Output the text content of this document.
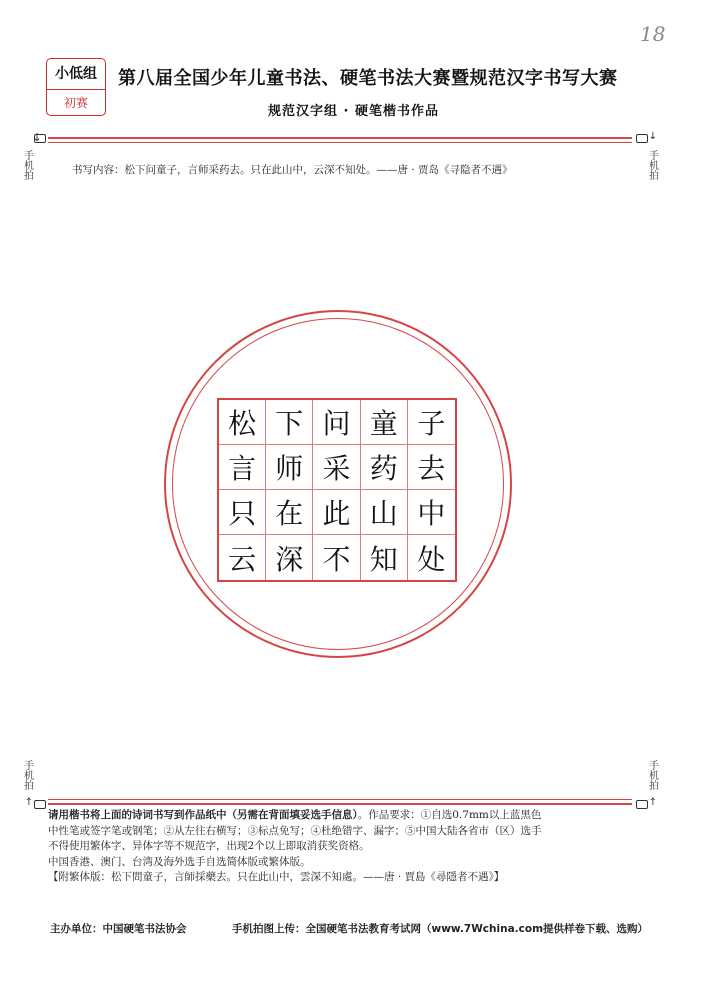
18
小低组
初赛
第八届全国少年儿童书法、硬笔书法大赛暨规范汉字书写大赛
规范汉字组 · 硬笔楷书作品
↓
手机拍
↓
手机拍
书写内容：松下问童子，言师采药去。只在此山中，云深不知处。——唐 · 贾岛《寻隐者不遇》
松 下 问 童 子
言 师 采 药 去
只 在 此 山 中
云 深 不 知 处
手机拍
↑
手机拍
↑
请用楷书将上面的诗词书写到作品纸中（另需在背面填妥选手信息）。作品要求：①自选0.7mm以上蓝黑色
中性笔或签字笔或钢笔；②从左往右横写；③标点免写；④杜绝错字、漏字；⑤中国大陆各省市（区）选手
不得使用繁体字、异体字等不规范字，出现2个以上即取消获奖资格。
中国香港、澳门、台湾及海外选手自选简体版或繁体版。
【附繁体版：松下問童子，言師採藥去。只在此山中，雲深不知處。——唐 · 賈島《尋隱者不遇》】
主办单位：中国硬笔书法协会	手机拍图上传：全国硬笔书法教育考试网（www.7Wchina.com提供样卷下载、选购）
